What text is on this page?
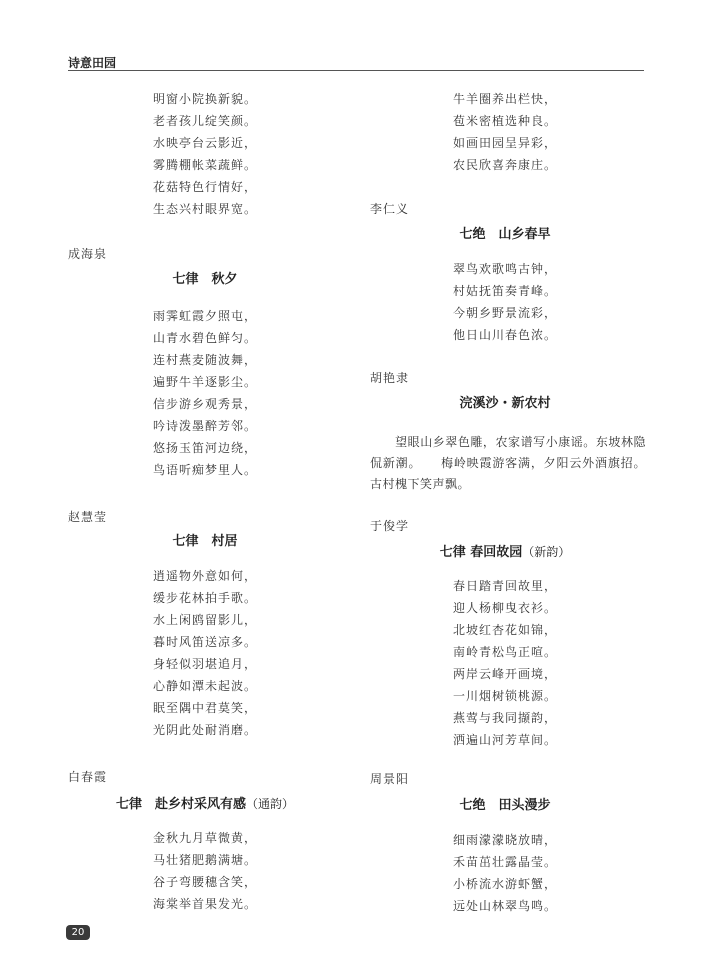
诗意田园
明窗小院换新貌。
老者孩儿绽笑颜。
水映亭台云影近，
雾腾棚帐菜蔬鲜。
花菇特色行情好，
生态兴村眼界宽。
成海泉
七律　秋夕
雨霁虹霞夕照屯，
山青水碧色鲜匀。
连村燕麦随波舞，
遍野牛羊逐影尘。
信步游乡观秀景，
吟诗泼墨醉芳邻。
悠扬玉笛河边绕，
鸟语听痴梦里人。
赵慧莹
七律　村居
逍遥物外意如何，
缓步花林拍手歌。
水上闲鸥留影儿，
暮时风笛送凉多。
身轻似羽堪追月，
心静如潭未起波。
眠至隅中君莫笑，
光阴此处耐消磨。
白春霞
七律　赴乡村采风有感（通韵）
金秋九月草微黄，
马壮猪肥鹅满塘。
谷子弯腰穗含笑，
海棠举首果发光。
牛羊圈养出栏快，
苞米密植选种良。
如画田园呈异彩，
农民欣喜奔康庄。
李仁义
七绝　山乡春早
翠鸟欢歌鸣古钟，
村姑抚笛奏青峰。
今朝乡野景流彩，
他日山川春色浓。
胡艳隶
浣溪沙・新农村
　　望眼山乡翠色雕，农家谱写小康谣。东坡林隐侃新潮。　　梅岭映霞游客满，夕阳云外酒旗招。古村槐下笑声飘。
于俊学
七律 春回故园（新韵）
春日踏青回故里，
迎人杨柳曳衣衫。
北坡红杏花如锦，
南岭青松鸟正喧。
两岸云峰开画境，
一川烟树锁桃源。
燕莺与我同撷韵，
洒遍山河芳草间。
周景阳
七绝　田头漫步
细雨濛濛晓放晴，
禾苗茁壮露晶莹。
小桥流水游虾蟹，
远处山林翠鸟鸣。
20
